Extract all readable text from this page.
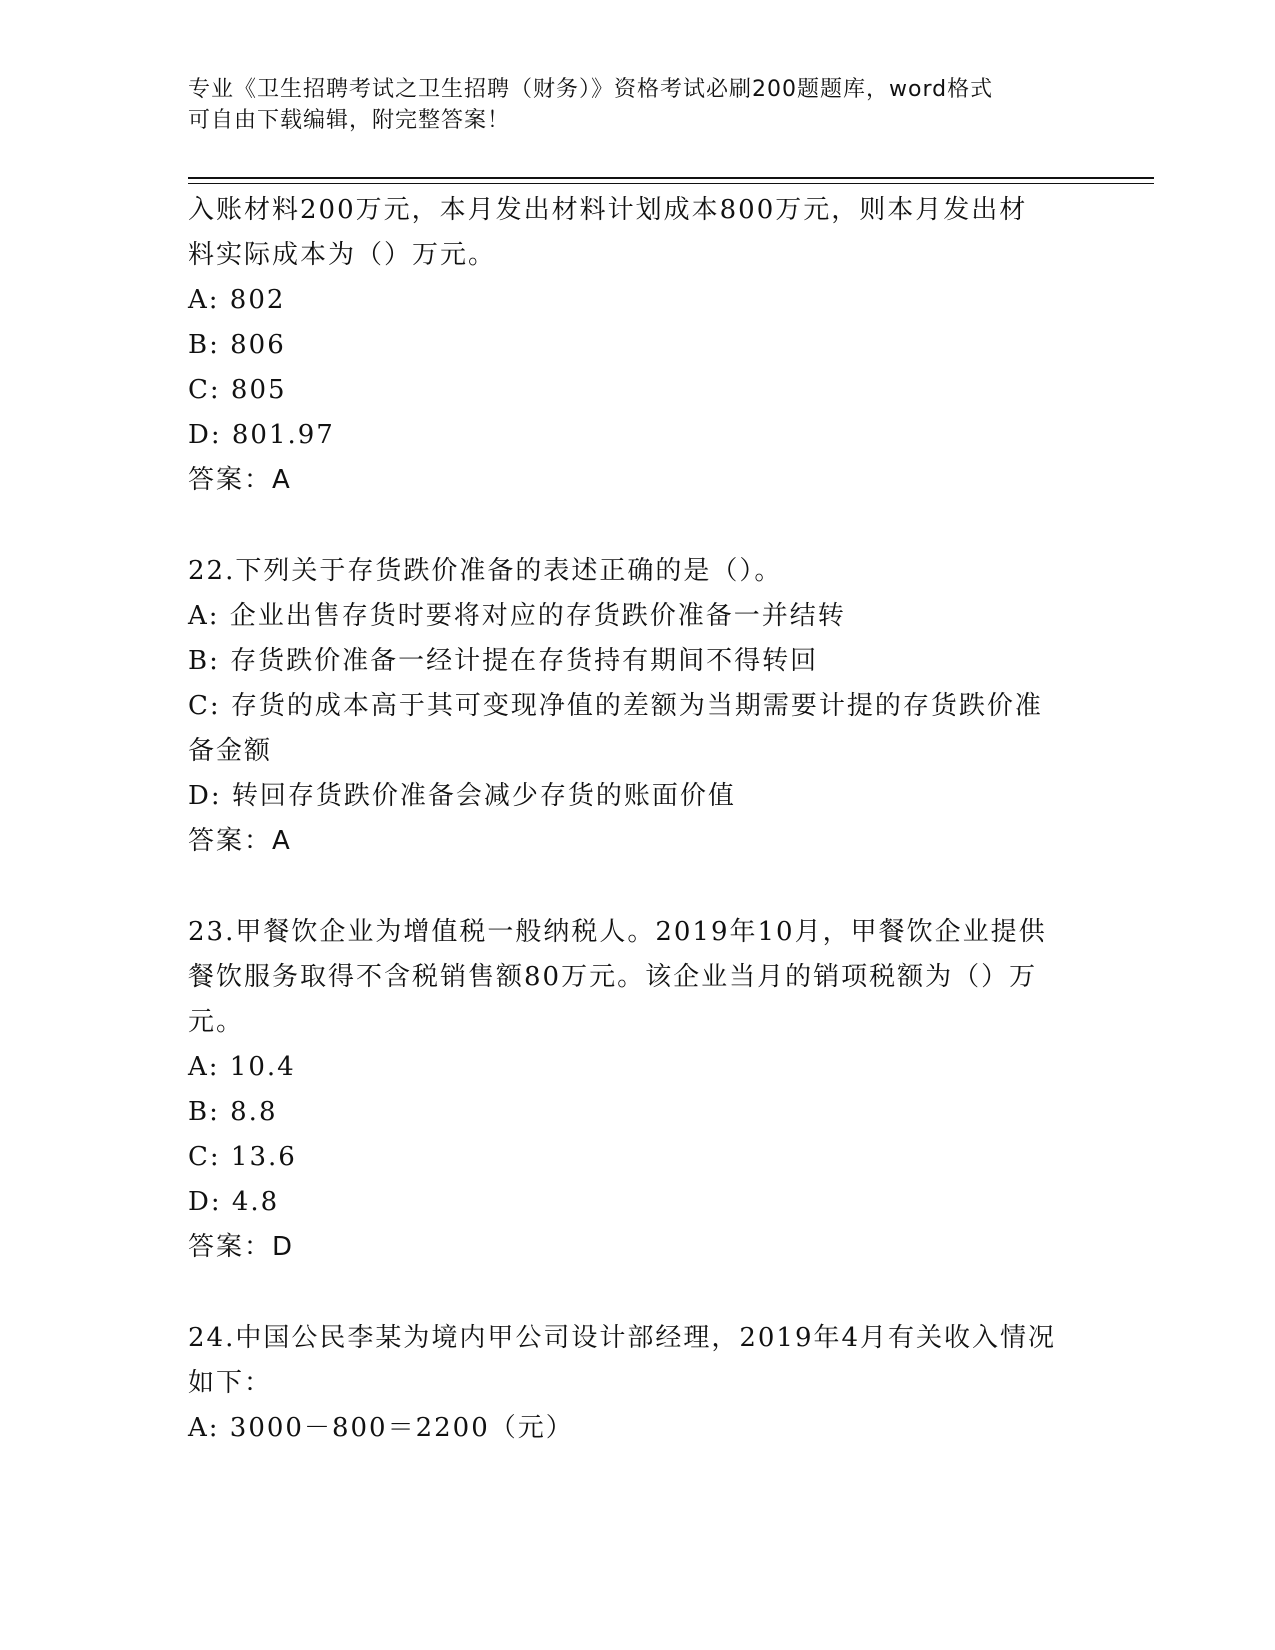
专业《卫生招聘考试之卫生招聘（财务）》资格考试必刷200题题库，word格式
可自由下载编辑，附完整答案！
入账材料200万元，本月发出材料计划成本800万元，则本月发出材
料实际成本为（）万元。
A: 802
B: 806
C: 805
D: 801.97
答案：A
22.下列关于存货跌价准备的表述正确的是（）。
A: 企业出售存货时要将对应的存货跌价准备一并结转
B: 存货跌价准备一经计提在存货持有期间不得转回
C: 存货的成本高于其可变现净值的差额为当期需要计提的存货跌价准
备金额
D: 转回存货跌价准备会减少存货的账面价值
答案：A
23.甲餐饮企业为增值税一般纳税人。2019年10月，甲餐饮企业提供
餐饮服务取得不含税销售额80万元。该企业当月的销项税额为（）万
元。
A: 10.4
B: 8.8
C: 13.6
D: 4.8
答案：D
24.中国公民李某为境内甲公司设计部经理，2019年4月有关收入情况
如下：
A: 3000－800＝2200（元）
